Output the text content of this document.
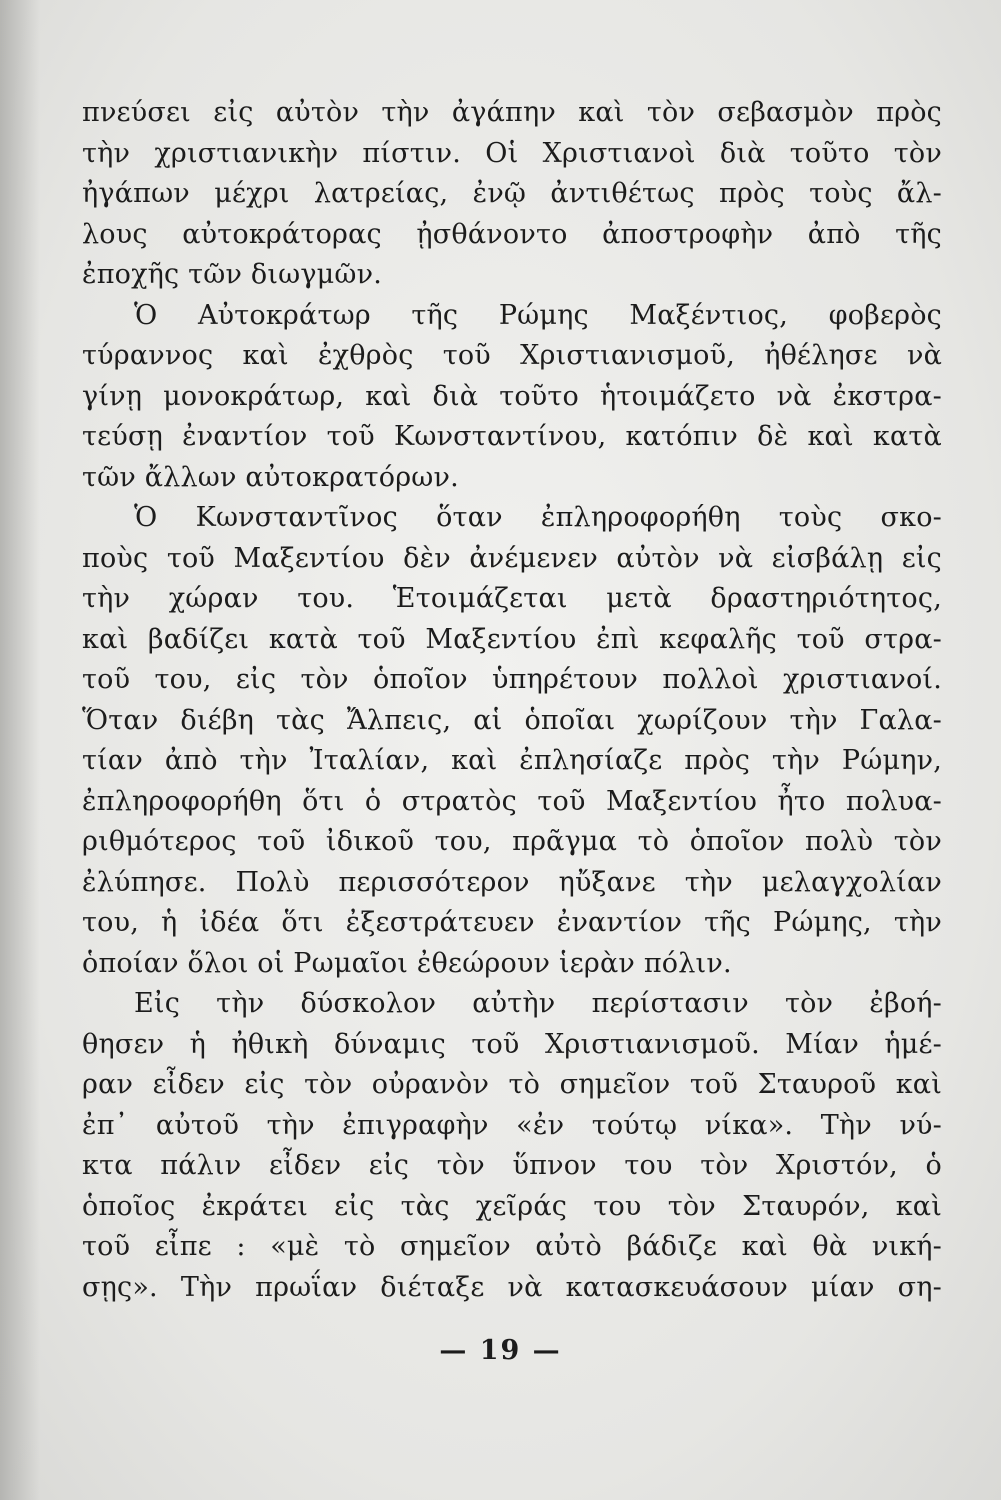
πνεύσει εἰς αὐτὸν τὴν ἀγάπην καὶ τὸν σεβασμὸν πρὸς
τὴν χριστιανικὴν πίστιν. Οἱ Χριστιανοὶ διὰ τοῦτο τὸν
ἠγάπων μέχρι λατρείας, ἐνῷ ἀντιθέτως πρὸς τοὺς ἄλ-
λους αὐτοκράτορας ᾐσθάνοντο ἀποστροφὴν ἀπὸ τῆς
ἐποχῆς τῶν διωγμῶν.
Ὁ Αὐτοκράτωρ τῆς Ρώμης Μαξέντιος, φοβερὸς
τύραννος καὶ ἐχθρὸς τοῦ Χριστιανισμοῦ, ἠθέλησε νὰ
γίνῃ μονοκράτωρ, καὶ διὰ τοῦτο ἡτοιμάζετο νὰ ἐκστρα-
τεύσῃ ἐναντίον τοῦ Κωνσταντίνου, κατόπιν δὲ καὶ κατὰ
τῶν ἄλλων αὐτοκρατόρων.
Ὁ Κωνσταντῖνος ὅταν ἐπληροφορήθη τοὺς σκο-
ποὺς τοῦ Μαξεντίου δὲν ἀνέμενεν αὐτὸν νὰ εἰσβάλῃ εἰς
τὴν χώραν του. Ἑτοιμάζεται μετὰ δραστηριότητος,
καὶ βαδίζει κατὰ τοῦ Μαξεντίου ἐπὶ κεφαλῆς τοῦ στρα-
τοῦ του, εἰς τὸν ὁποῖον ὑπηρέτουν πολλοὶ χριστιανοί.
Ὅταν διέβη τὰς Ἄλπεις, αἱ ὁποῖαι χωρίζουν τὴν Γαλα-
τίαν ἀπὸ τὴν Ἰταλίαν, καὶ ἐπλησίαζε πρὸς τὴν Ρώμην,
ἐπληροφορήθη ὅτι ὁ στρατὸς τοῦ Μαξεντίου ἦτο πολυα-
ριθμότερος τοῦ ἰδικοῦ του, πρᾶγμα τὸ ὁποῖον πολὺ τὸν
ἐλύπησε. Πολὺ περισσότερον ηὔξανε τὴν μελαγχολίαν
του, ἡ ἰδέα ὅτι ἐξεστράτευεν ἐναντίον τῆς Ρώμης, τὴν
ὁποίαν ὅλοι οἱ Ρωμαῖοι ἐθεώρουν ἱερὰν πόλιν.
Εἰς τὴν δύσκολον αὐτὴν περίστασιν τὸν ἐβοή-
θησεν ἡ ἠθικὴ δύναμις τοῦ Χριστιανισμοῦ. Μίαν ἡμέ-
ραν εἶδεν εἰς τὸν οὐρανὸν τὸ σημεῖον τοῦ Σταυροῦ καὶ
ἐπ᾽ αὐτοῦ τὴν ἐπιγραφὴν «ἐν τούτῳ νίκα». Τὴν νύ-
κτα πάλιν εἶδεν εἰς τὸν ὕπνον του τὸν Χριστόν, ὁ
ὁποῖος ἐκράτει εἰς τὰς χεῖράς του τὸν Σταυρόν, καὶ
τοῦ εἶπε : «μὲ τὸ σημεῖον αὐτὸ βάδιζε καὶ θὰ νική-
σῃς». Τὴν πρωΐαν διέταξε νὰ κατασκευάσουν μίαν ση-
— 19 —
